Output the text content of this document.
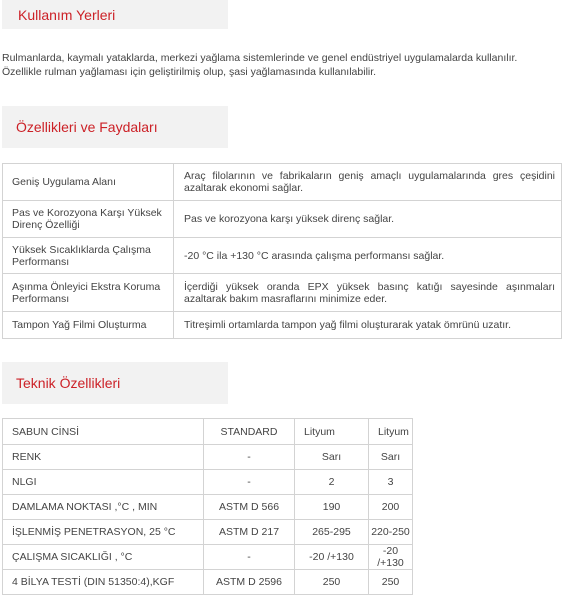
Kullanım Yerleri

Rulmanlarda, kaymalı yataklarda, merkezi yağlama sistemlerinde ve genel endüstriyel uygulamalarda kullanılır.

Özellikle rulman yağlaması için geliştirilmiş olup, şasi yağlamasında kullanılabilir.

Özellikleri ve Faydaları
Geniş Uygulama Alanı	Araç filolarının ve fabrikaların geniş amaçlı uygulamalarında gres çeşidini azaltarak ekonomi sağlar.
Pas ve Korozyona Karşı Yüksek Direnç Özelliği	Pas ve korozyona karşı yüksek direnç sağlar.
Yüksek Sıcaklıklarda Çalışma Performansı	-20 °C ila +130 °C arasında çalışma performansı sağlar.
Aşınma Önleyici Ekstra Koruma Performansı	İçerdiği yüksek oranda EPX yüksek basınç katığı sayesinde aşınmaları azaltarak bakım masraflarını minimize eder.
Tampon Yağ Filmi Oluşturma	Titreşimli ortamlarda tampon yağ filmi oluşturarak yatak ömrünü uzatır.
Teknik Özellikleri
SABUN CİNSİ	STANDARD	Lityum	Lityum
RENK	-	Sarı	Sarı
NLGI	-	2	3
DAMLAMA NOKTASI ,°C , MIN	ASTM D 566	190	200
İŞLENMİŞ PENETRASYON, 25 °C	ASTM D 217	265-295	220-250
ÇALIŞMA SICAKLIĞI , °C	-	-20 /+130	-20 /+130
4 BİLYA TESTİ (DIN 51350:4),KGF	ASTM D 2596	250	250
